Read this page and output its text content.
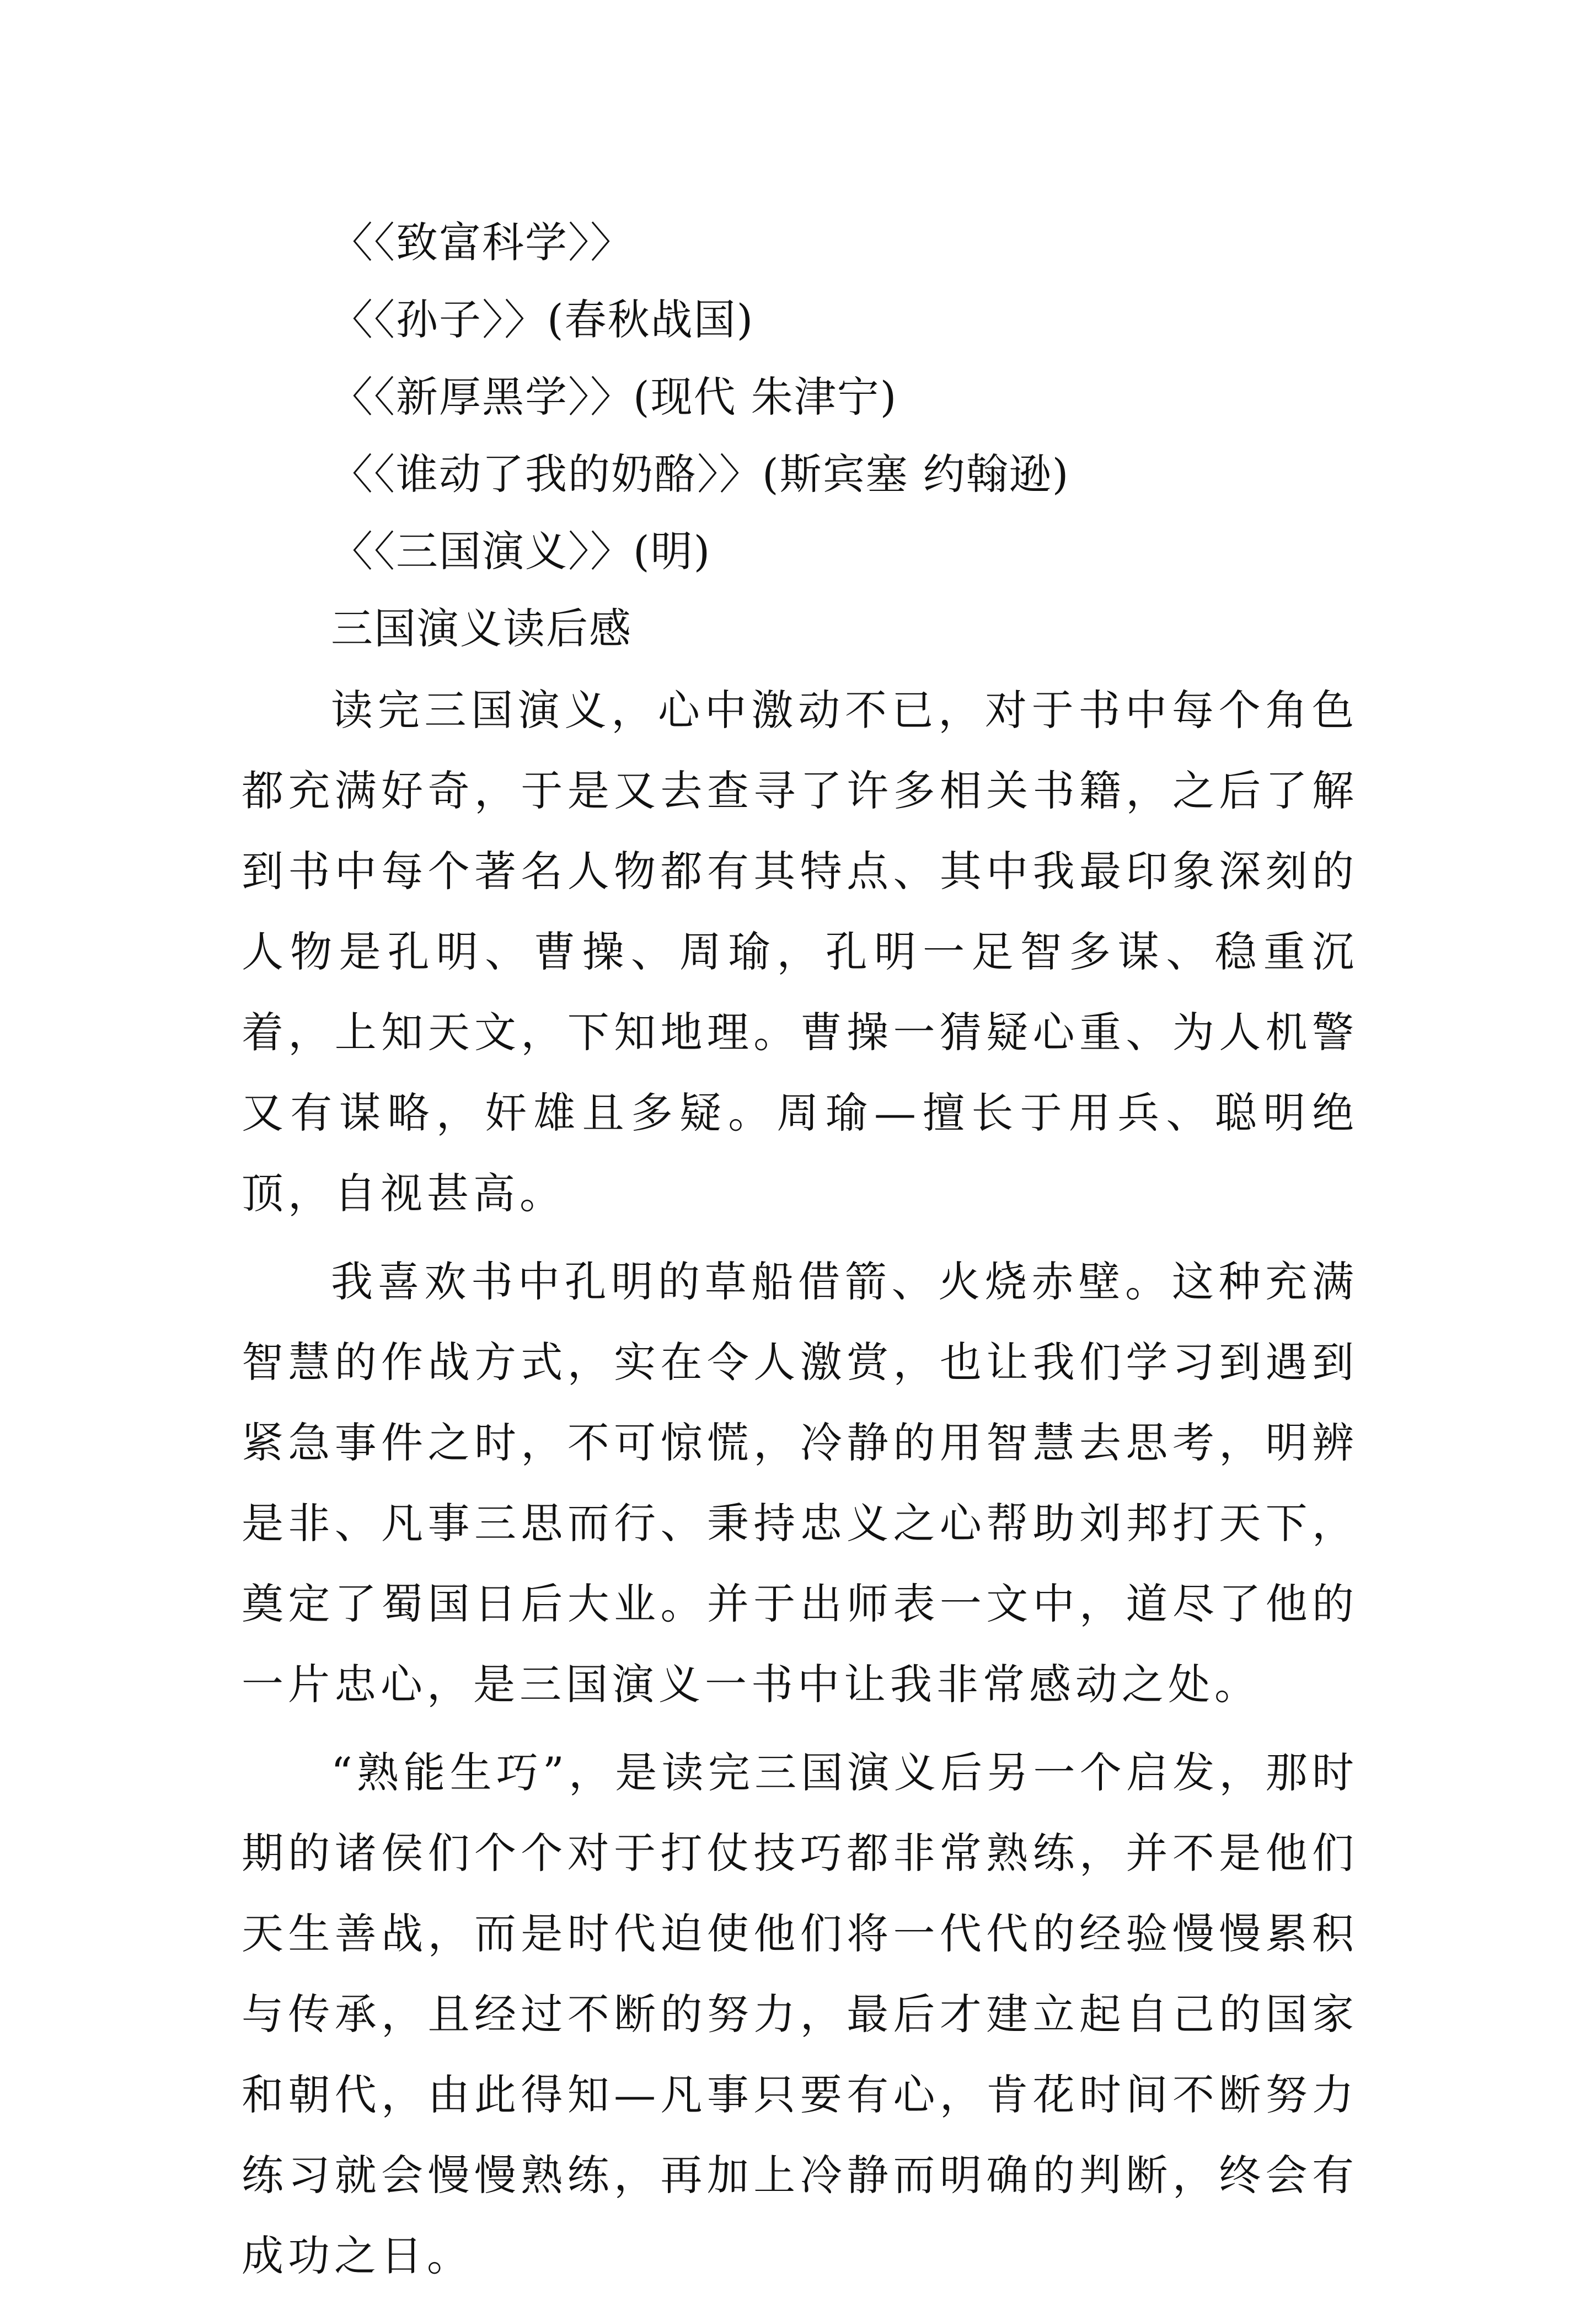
〈〈致富科学〉〉
〈〈孙子〉〉(春秋战国)
〈〈新厚黑学〉〉(现代 朱津宁)
〈〈谁动了我的奶酪〉〉(斯宾塞 约翰逊)
〈〈三国演义〉〉(明)
三国演义读后感

读完三国演义，心中激动不已，对于书中每个角色都充满好奇，于是又去查寻了许多相关书籍，之后了解到书中每个著名人物都有其特点、其中我最印象深刻的人物是孔明、曹操、周瑜，孔明一足智多谋、稳重沉着，上知天文，下知地理。曹操一猜疑心重、为人机警又有谋略，奸雄且多疑。周瑜—擅长于用兵、聪明绝顶，自视甚高。

我喜欢书中孔明的草船借箭、火烧赤壁。这种充满智慧的作战方式，实在令人激赏，也让我们学习到遇到紧急事件之时，不可惊慌，冷静的用智慧去思考，明辨是非、凡事三思而行、秉持忠义之心帮助刘邦打天下，奠定了蜀国日后大业。并于出师表一文中，道尽了他的一片忠心，是三国演义一书中让我非常感动之处。

“熟能生巧”，是读完三国演义后另一个启发，那时期的诸侯们个个对于打仗技巧都非常熟练，并不是他们天生善战，而是时代迫使他们将一代代的经验慢慢累积与传承，且经过不断的努力，最后才建立起自己的国家和朝代，由此得知—凡事只要有心，肯花时间不断努力练习就会慢慢熟练，再加上冷静而明确的判断，终会有成功之日。
